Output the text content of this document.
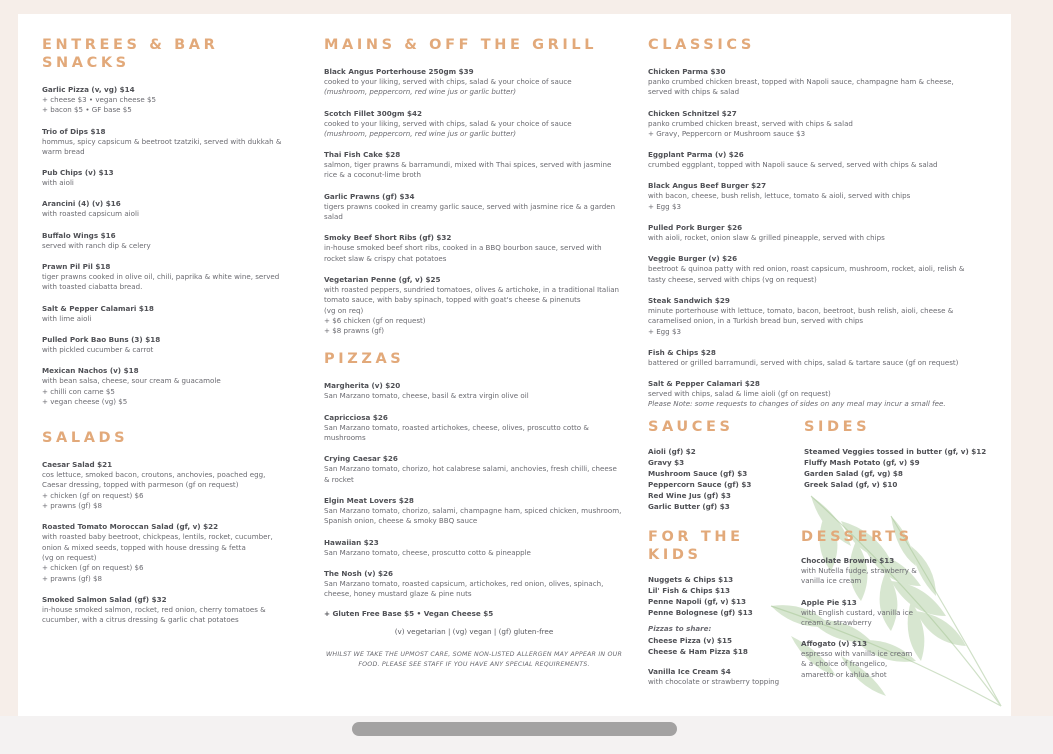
ENTREES & BAR SNACKS
Garlic Pizza (v, vg) $14
+ cheese $3 • vegan cheese $5
+ bacon $5 • GF base $5
Trio of Dips $18
hommus, spicy capsicum & beetroot tzatziki, served with dukkah &
warm bread
Pub Chips (v) $13
with aioli
Arancini (4) (v) $16
with roasted capsicum aioli
Buffalo Wings $16
served with ranch dip & celery
Prawn Pil Pil $18
tiger prawns cooked in olive oil, chili, paprika & white wine, served
with toasted ciabatta bread.
Salt & Pepper Calamari $18
with lime aioli
Pulled Pork Bao Buns (3) $18
with pickled cucumber & carrot
Mexican Nachos (v) $18
with bean salsa, cheese, sour cream & guacamole
+ chilli con carne $5
+ vegan cheese (vg) $5
SALADS
Caesar Salad $21
cos lettuce, smoked bacon, croutons, anchovies, poached egg,
Caesar dressing, topped with parmeson (gf on request)
+ chicken (gf on request) $6
+ prawns (gf) $8
Roasted Tomato Moroccan Salad (gf, v) $22
with roasted baby beetroot, chickpeas, lentils, rocket, cucumber,
onion & mixed seeds, topped with house dressing & fetta
(vg on request)
+ chicken (gf on request) $6
+ prawns (gf) $8
Smoked Salmon Salad (gf) $32
in-house smoked salmon, rocket, red onion, cherry tomatoes &
cucumber, with a citrus dressing & garlic chat potatoes
MAINS & OFF THE GRILL
Black Angus Porterhouse 250gm $39
cooked to your liking, served with chips, salad & your choice of sauce
(mushroom, peppercorn, red wine jus or garlic butter)
Scotch Fillet 300gm $42
cooked to your liking, served with chips, salad & your choice of sauce
(mushroom, peppercorn, red wine jus or garlic butter)
Thai Fish Cake $28
salmon, tiger prawns & barramundi, mixed with Thai spices, served with jasmine
rice & a coconut-lime broth
Garlic Prawns (gf) $34
tigers prawns cooked in creamy garlic sauce, served with jasmine rice & a garden
salad
Smoky Beef Short Ribs (gf) $32
in-house smoked beef short ribs, cooked in a BBQ bourbon sauce, served with
rocket slaw & crispy chat potatoes
Vegetarian Penne (gf, v) $25
with roasted peppers, sundried tomatoes, olives & artichoke, in a traditional Italian
tomato sauce, with baby spinach, topped with goat's cheese & pinenuts
(vg on req)
+ $6 chicken (gf on request)
+ $8 prawns (gf)
PIZZAS
Margherita (v) $20
San Marzano tomato, cheese, basil & extra virgin olive oil
Capricciosa $26
San Marzano tomato, roasted artichokes, cheese, olives, proscutto cotto &
mushrooms
Crying Caesar $26
San Marzano tomato, chorizo, hot calabrese salami, anchovies, fresh chilli, cheese
& rocket
Elgin Meat Lovers $28
San Marzano tomato, chorizo, salami, champagne ham, spiced chicken, mushroom,
Spanish onion, cheese & smoky BBQ sauce
Hawaiian $23
San Marzano tomato, cheese, proscutto cotto & pineapple
The Nosh (v) $26
San Marzano tomato, roasted capsicum, artichokes, red onion, olives, spinach,
cheese, honey mustard glaze & pine nuts
+ Gluten Free Base $5 • Vegan Cheese $5
(v) vegetarian | (vg) vegan | (gf) gluten-free
WHILST WE TAKE THE UPMOST CARE, SOME NON-LISTED ALLERGEN MAY APPEAR IN OUR
FOOD. PLEASE SEE STAFF IF YOU HAVE ANY SPECIAL REQUIREMENTS.
CLASSICS
Chicken Parma $30
panko crumbed chicken breast, topped with Napoli sauce, champagne ham & cheese,
served with chips & salad
Chicken Schnitzel $27
panko crumbed chicken breast, served with chips & salad
+ Gravy, Peppercorn or Mushroom sauce $3
Eggplant Parma (v) $26
crumbed eggplant, topped with Napoli sauce & served, served with chips & salad
Black Angus Beef Burger $27
with bacon, cheese, bush relish, lettuce, tomato & aioli, served with chips
+ Egg $3
Pulled Pork Burger $26
with aioli, rocket, onion slaw & grilled pineapple, served with chips
Veggie Burger (v) $26
beetroot & quinoa patty with red onion, roast capsicum, mushroom, rocket, aioli, relish &
tasty cheese, served with chips (vg on request)
Steak Sandwich $29
minute porterhouse with lettuce, tomato, bacon, beetroot, bush relish, aioli, cheese &
caramelised onion, in a Turkish bread bun, served with chips
+ Egg $3
Fish & Chips $28
battered or grilled barramundi, served with chips, salad & tartare sauce (gf on request)
Salt & Pepper Calamari $28
served with chips, salad & lime aioli (gf on request)
Please Note: some requests to changes of sides on any meal may incur a small fee.
SAUCES
Aioli (gf) $2
Gravy $3
Mushroom Sauce (gf) $3
Peppercorn Sauce (gf) $3
Red Wine Jus (gf) $3
Garlic Butter (gf) $3
SIDES
Steamed Veggies tossed in butter (gf, v) $12
Fluffy Mash Potato (gf, v) $9
Garden Salad (gf, vg) $8
Greek Salad (gf, v) $10
FOR THE KIDS
Nuggets & Chips $13
Lil' Fish & Chips $13
Penne Napoli (gf, v) $13
Penne Bolognese (gf) $13
Pizzas to share:
Cheese Pizza (v) $15
Cheese & Ham Pizza $18
Vanilla Ice Cream $4
with chocolate or strawberry topping
DESSERTS
Chocolate Brownie $13
with Nutella fudge, strawberry &
vanilla ice cream
Apple Pie $13
with English custard, vanilla ice
cream & strawberry
Affogato (v) $13
espresso with vanilla ice cream
& a choice of frangelico,
amaretto or kahlua shot
